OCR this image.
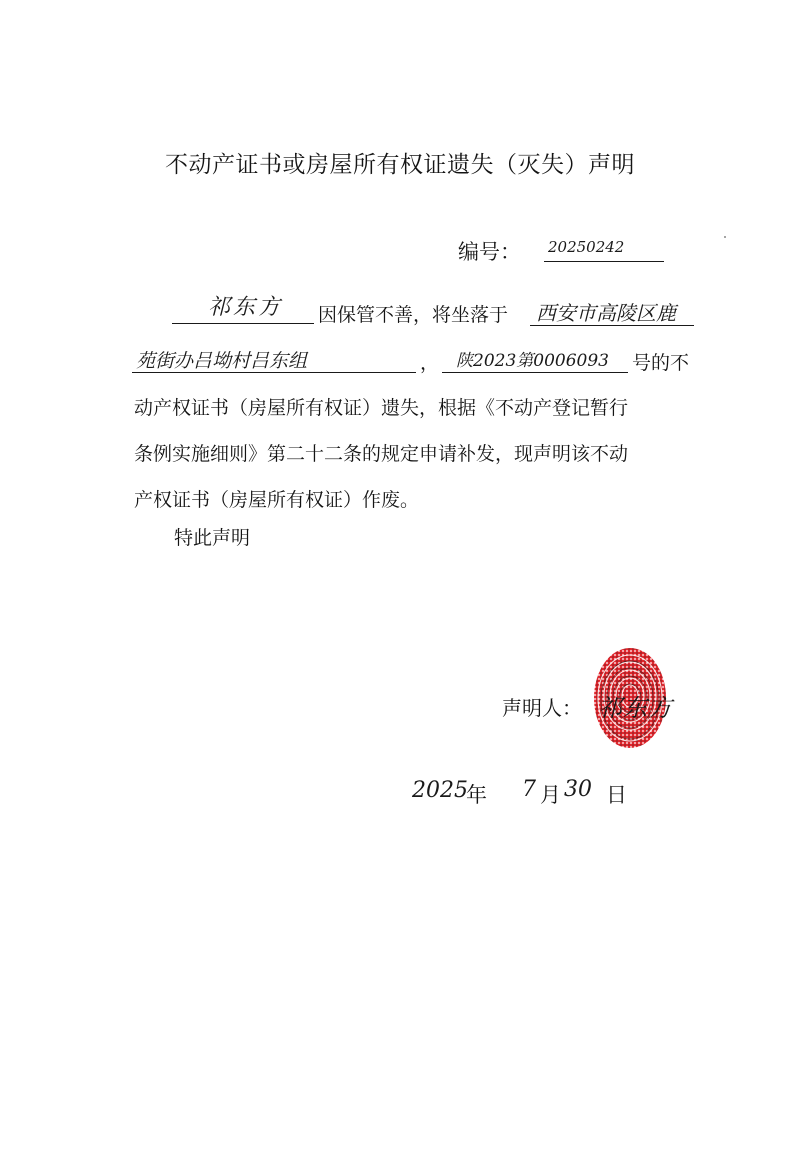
不动产证书或房屋所有权证遗失（灭失）声明
编号： 20250242
祁东方 因保管不善，将坐落于 西安市高陵区鹿
苑街办吕坳村吕东组	， 陕2023第0006093 号的不
动产权证书（房屋所有权证）遗失，根据《不动产登记暂行
条例实施细则》第二十二条的规定申请补发，现声明该不动
产权证书（房屋所有权证）作废。
特此声明
声明人： 祁东方
2025
年 7 月 30 日
